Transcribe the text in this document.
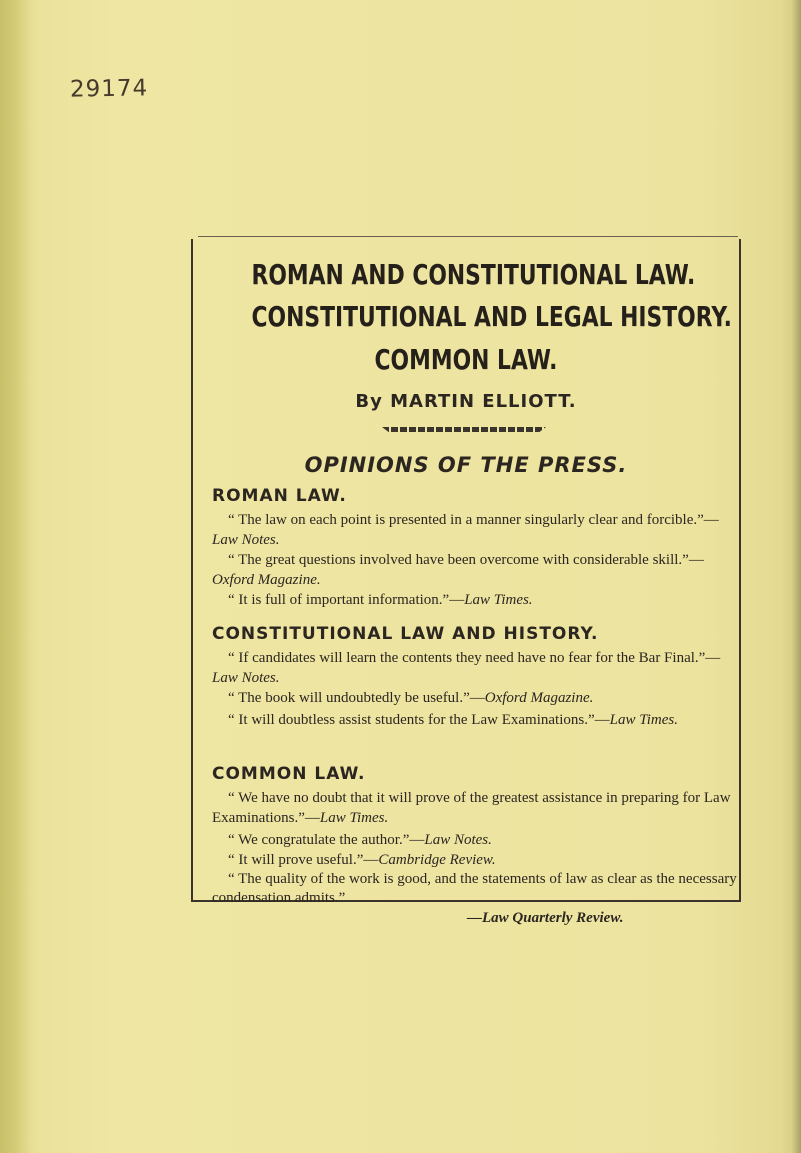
29174
ROMAN AND CONSTITUTIONAL LAW.
CONSTITUTIONAL AND LEGAL HISTORY.
COMMON LAW.
By MARTIN ELLIOTT.
OPINIONS OF THE PRESS.
ROMAN LAW.
“ The law on each point is presented in a manner singularly clear and forcible.”—Law Notes.
“ The great questions involved have been overcome with considerable skill.”—Oxford Magazine.
“ It is full of important information.”—Law Times.
CONSTITUTIONAL LAW AND HISTORY.
“ If candidates will learn the contents they need have no fear for the Bar Final.”—Law Notes.
“ The book will undoubtedly be useful.”—Oxford Magazine.
“ It will doubtless assist students for the Law Examinations.”—Law Times.
COMMON LAW.
“ We have no doubt that it will prove of the greatest assistance in preparing for Law Examinations.”—Law Times.
“ We congratulate the author.”—Law Notes.
“ It will prove useful.”—Cambridge Review.
“ The quality of the work is good, and the statements of law as clear as the necessary condensation admits.”
—Law Quarterly Review.
